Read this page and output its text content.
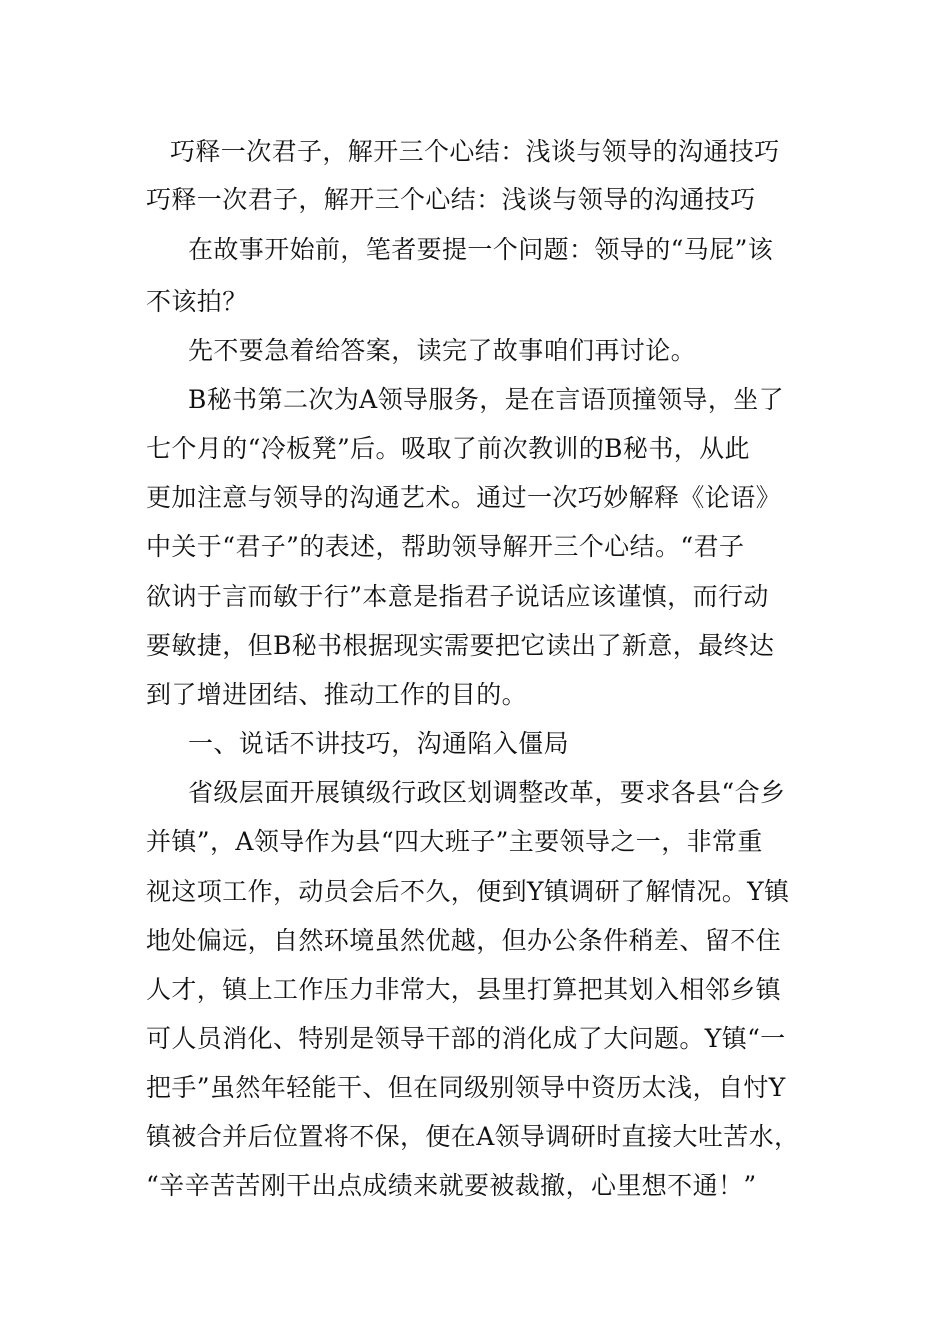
巧释一次君子，解开三个心结：浅谈与领导的沟通技巧
巧释一次君子，解开三个心结：浅谈与领导的沟通技巧
在故事开始前，笔者要提一个问题：领导的“马屁”该
不该拍？
先不要急着给答案，读完了故事咱们再讨论。
B秘书第二次为A领导服务，是在言语顶撞领导，坐了
七个月的“冷板凳”后。吸取了前次教训的B秘书，从此
更加注意与领导的沟通艺术。通过一次巧妙解释《论语》
中关于“君子”的表述，帮助领导解开三个心结。“君子
欲讷于言而敏于行”本意是指君子说话应该谨慎，而行动
要敏捷，但B秘书根据现实需要把它读出了新意，最终达
到了增进团结、推动工作的目的。
一、说话不讲技巧，沟通陷入僵局
省级层面开展镇级行政区划调整改革，要求各县“合乡
并镇”，A领导作为县“四大班子”主要领导之一，非常重
视这项工作，动员会后不久，便到Y镇调研了解情况。Y镇
地处偏远，自然环境虽然优越，但办公条件稍差、留不住
人才，镇上工作压力非常大，县里打算把其划入相邻乡镇
可人员消化、特别是领导干部的消化成了大问题。Y镇“一
把手”虽然年轻能干、但在同级别领导中资历太浅，自忖Y
镇被合并后位置将不保，便在A领导调研时直接大吐苦水，
“辛辛苦苦刚干出点成绩来就要被裁撤，心里想不通！”
